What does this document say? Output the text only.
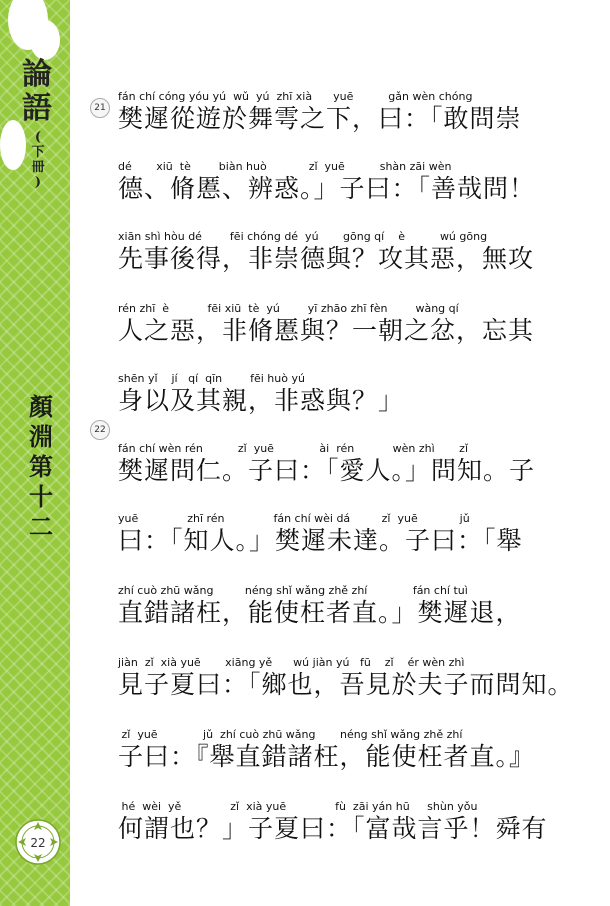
論
語
(
下
冊
)
顏
淵
第
十
二
22
21
fán chí cóng yóu yú  wǔ  yú  zhī xià      yuē          gǎn wèn chóng
樊遲從遊於舞雩之下，曰：「敢問崇
dé       xiū  tè        biàn huò            zǐ  yuē          shàn zāi wèn
德、脩慝、辨惑。」子曰：「善哉問！
xiān shì hòu dé        fēi chóng dé  yú       gōng qí    è          wú gōng
先事後得，非崇德與？攻其惡，無攻
rén zhī  è           fēi xiū  tè  yú        yī zhāo zhī fèn        wàng qí
人之惡，非脩慝與？一朝之忿，忘其
shēn yǐ    jí   qí  qīn        fēi huò yú
身以及其親，非惑與？」
22
fán chí wèn rén          zǐ  yuē             ài  rén           wèn zhì       zǐ
樊遲問仁。子曰：「愛人。」問知。子
yuē              zhī rén              fán chí wèi dá         zǐ  yuē            jǔ
曰：「知人。」樊遲未達。子曰：「舉
zhí cuò zhū wǎng         néng shǐ wǎng zhě zhí             fán chí tuì
直錯諸枉，能使枉者直。」樊遲退，
jiàn  zǐ  xià yuē       xiāng yě      wú jiàn yú   fū    zǐ    ér wèn zhì
見子夏曰：「鄉也，吾見於夫子而問知。
zǐ  yuē             jǔ  zhí cuò zhū wǎng       néng shǐ wǎng zhě zhí
子曰：『舉直錯諸枉，能使枉者直。』
hé  wèi  yě              zǐ  xià yuē              fù  zāi yán hū     shùn yǒu
何謂也？」子夏曰：「富哉言乎！舜有
